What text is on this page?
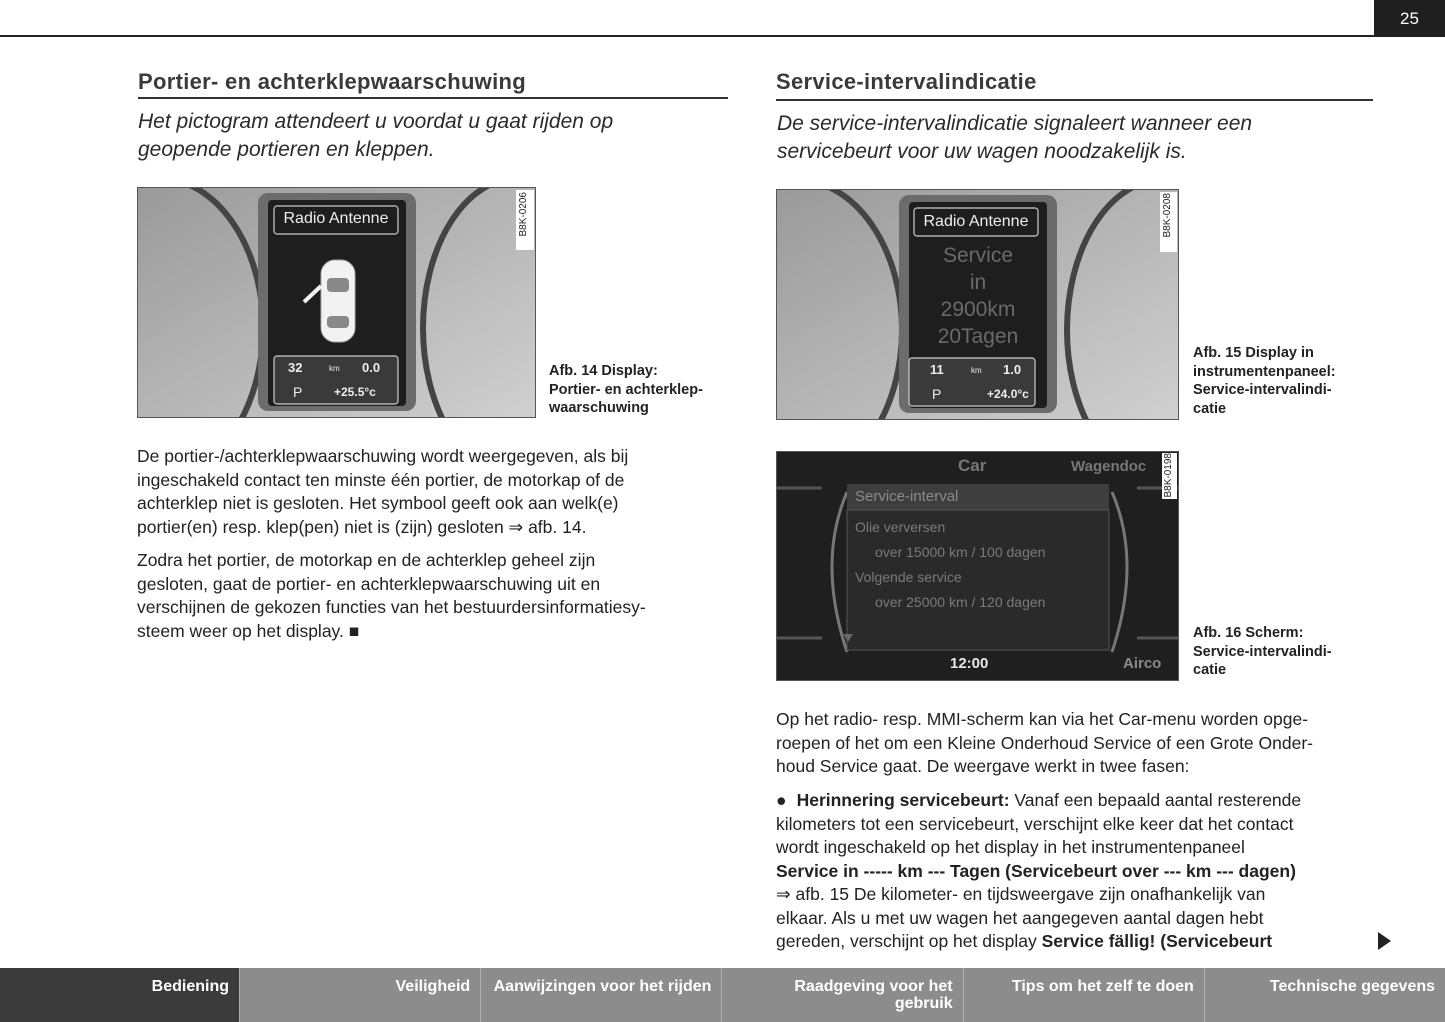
25
Portier- en achterklepwaarschuwing
Het pictogram attendeert u voordat u gaat rijden op
geopende portieren en kleppen.
Radio Antenne
32	km 0.0
P	+25.5°c
B8K-0206
Afb. 14 Display:
Portier- en achterklep-
waarschuwing
De portier-/achterklepwaarschuwing wordt weergegeven, als bij
ingeschakeld contact ten minste één portier, de motorkap of de
achterklep niet is gesloten. Het symbool geeft ook aan welk(e)
portier(en) resp. klep(pen) niet is (zijn) gesloten ⇒ afb. 14.
Zodra het portier, de motorkap en de achterklep geheel zijn
gesloten, gaat de portier- en achterklepwaarschuwing uit en
verschijnen de gekozen functies van het bestuurdersinformatiesy-
steem weer op het display. ■
Service-intervalindicatie
De service-intervalindicatie signaleert wanneer een
servicebeurt voor uw wagen noodzakelijk is.
Radio Antenne
Service
in
2900km
20Tagen
11	km 1.0
P	+24.0°c
B8K-0208
Afb. 15 Display in
instrumentenpaneel:
Service-intervalindi-
catie
Car	Wagendoc
Service-interval
Olie verversen
over 15000 km / 100 dagen
Volgende service
over 25000 km / 120 dagen
12:00	Airco
B8K-0198
Afb. 16 Scherm:
Service-intervalindi-
catie
Op het radio- resp. MMI-scherm kan via het Car-menu worden opge-
roepen of het om een Kleine Onderhoud Service of een Grote Onder-
houd Service gaat. De weergave werkt in twee fasen:
● Herinnering servicebeurt: Vanaf een bepaald aantal resterende
kilometers tot een servicebeurt, verschijnt elke keer dat het contact
wordt ingeschakeld op het display in het instrumentenpaneel
Service in ----- km --- Tagen (Servicebeurt over --- km --- dagen)
⇒ afb. 15 De kilometer- en tijdsweergave zijn onafhankelijk van
elkaar. Als u met uw wagen het aangegeven aantal dagen hebt
gereden, verschijnt op het display Service fällig! (Servicebeurt
Bediening	Veiligheid	Aanwijzingen voor het rijden	Raadgeving voor het gebruik
Tips om het zelf te doen	Technische gegevens
